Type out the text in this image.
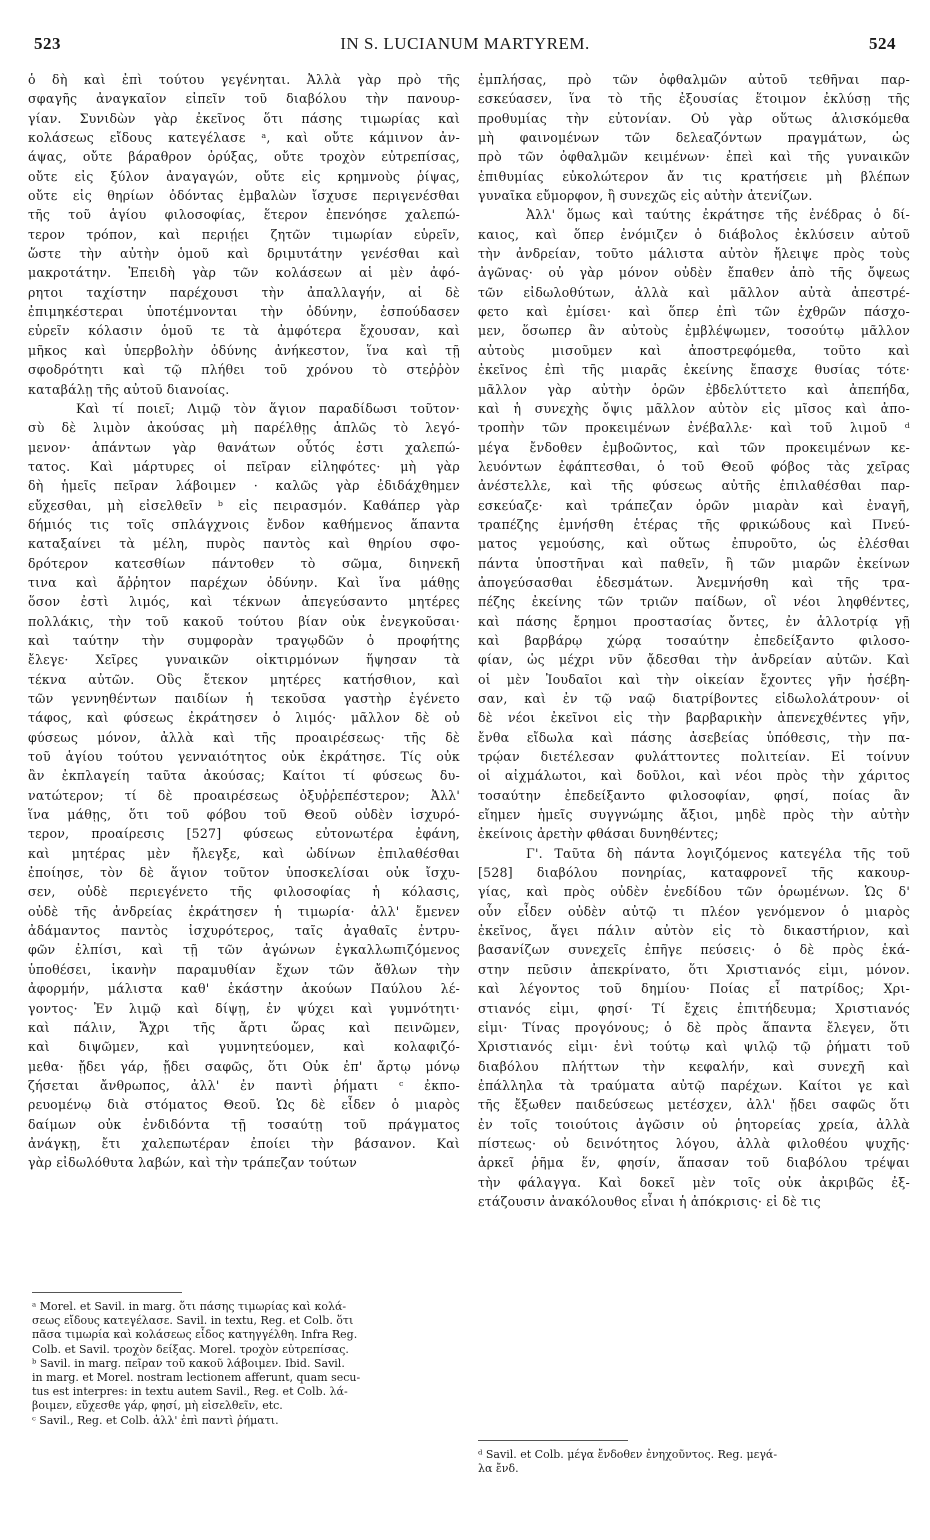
523	IN S. LUCIANUM MARTYREM.	524
ὁ δὴ καὶ ἐπὶ τούτου γεγένηται. Ἀλλὰ γὰρ πρὸ τῆς
σφαγῆς ἀναγκαῖον εἰπεῖν τοῦ διαβόλου τὴν πανουρ-
γίαν. Συνιδὼν γὰρ ἐκεῖνος ὅτι πάσης τιμωρίας καὶ
κολάσεως εἴδους κατεγέλασε ᵃ, καὶ οὔτε κάμινον ἀν-
άψας, οὔτε βάραθρον ὀρύξας, οὔτε τροχὸν εὐτρεπίσας,
οὔτε εἰς ξύλον ἀναγαγών, οὔτε εἰς κρημνοὺς ῥίψας,
οὔτε εἰς θηρίων ὀδόντας ἐμβαλὼν ἴσχυσε περιγενέσθαι
τῆς τοῦ ἁγίου φιλοσοφίας, ἕτερον ἐπενόησε χαλεπώ-
τερον τρόπον, καὶ περιῄει ζητῶν τιμωρίαν εὑρεῖν,
ὥστε τὴν αὐτὴν ὁμοῦ καὶ δριμυτάτην γενέσθαι καὶ
μακροτάτην. Ἐπειδὴ γὰρ τῶν κολάσεων αἱ μὲν ἀφό-
ρητοι ταχίστην παρέχουσι τὴν ἀπαλλαγήν, αἱ δὲ
ἐπιμηκέστεραι ὑποτέμνονται τὴν ὀδύνην, ἐσπούδασεν
εὑρεῖν κόλασιν ὁμοῦ τε τὰ ἀμφότερα ἔχουσαν, καὶ
μῆκος καὶ ὑπερβολὴν ὀδύνης ἀνήκεστον, ἵνα καὶ τῇ
σφοδρότητι καὶ τῷ πλήθει τοῦ χρόνου τὸ στεῤῥὸν
καταβάλῃ τῆς αὐτοῦ διανοίας.
Καὶ τί ποιεῖ; Λιμῷ τὸν ἅγιον παραδίδωσι τοῦτον·
σὺ δὲ λιμὸν ἀκούσας μὴ παρέλθῃς ἁπλῶς τὸ λεγό-
μενον· ἁπάντων γὰρ θανάτων οὗτός ἐστι χαλεπώ-
τατος. Καὶ μάρτυρες οἱ πεῖραν εἰληφότες· μὴ γὰρ
δὴ ἡμεῖς πεῖραν λάβοιμεν · καλῶς γὰρ ἐδιδάχθημεν
εὔχεσθαι, μὴ εἰσελθεῖν ᵇ εἰς πειρασμόν. Καθάπερ γὰρ
δήμιός τις τοῖς σπλάγχνοις ἔνδον καθήμενος ἅπαντα
καταξαίνει τὰ μέλη, πυρὸς παντὸς καὶ θηρίου σφο-
δρότερον κατεσθίων πάντοθεν τὸ σῶμα, διηνεκῆ
τινα καὶ ἄῤῥητον παρέχων ὀδύνην. Καὶ ἵνα μάθῃς
ὅσον ἐστὶ λιμός, καὶ τέκνων ἀπεγεύσαντο μητέρες
πολλάκις, τὴν τοῦ κακοῦ τούτου βίαν οὐκ ἐνεγκοῦσαι·
καὶ ταύτην τὴν συμφορὰν τραγῳδῶν ὁ προφήτης
ἔλεγε· Χεῖρες γυναικῶν οἰκτιρμόνων ἥψησαν τὰ
τέκνα αὐτῶν. Οὓς ἔτεκον μητέρες κατήσθιον, καὶ
τῶν γεννηθέντων παιδίων ἡ τεκοῦσα γαστὴρ ἐγένετο
τάφος, καὶ φύσεως ἐκράτησεν ὁ λιμός· μᾶλλον δὲ οὐ
φύσεως μόνον, ἀλλὰ καὶ τῆς προαιρέσεως· τῆς δὲ
τοῦ ἁγίου τούτου γενναιότητος οὐκ ἐκράτησε. Τίς οὐκ
ἂν ἐκπλαγείη ταῦτα ἀκούσας; Καίτοι τί φύσεως δυ-
νατώτερον; τί δὲ προαιρέσεως ὀξυῤῥεπέστερον; Ἀλλ'
ἵνα μάθῃς, ὅτι τοῦ φόβου τοῦ Θεοῦ οὐδὲν ἰσχυρό-
τερον, προαίρεσις [527] φύσεως εὐτονωτέρα ἐφάνη,
καὶ μητέρας μὲν ἤλεγξε, καὶ ὠδίνων ἐπιλαθέσθαι
ἐποίησε, τὸν δὲ ἅγιον τοῦτον ὑποσκελίσαι οὐκ ἴσχυ-
σεν, οὐδὲ περιεγένετο τῆς φιλοσοφίας ἡ κόλασις,
οὐδὲ τῆς ἀνδρείας ἐκράτησεν ἡ τιμωρία· ἀλλ' ἔμενεν
ἀδάμαντος παντὸς ἰσχυρότερος, ταῖς ἀγαθαῖς ἐντρυ-
φῶν ἐλπίσι, καὶ τῇ τῶν ἀγώνων ἐγκαλλωπιζόμενος
ὑποθέσει, ἱκανὴν παραμυθίαν ἔχων τῶν ἄθλων τὴν
ἀφορμήν, μάλιστα καθ' ἑκάστην ἀκούων Παύλου λέ-
γοντος· Ἐν λιμῷ καὶ δίψῃ, ἐν ψύχει καὶ γυμνότητι·
καὶ πάλιν, Ἄχρι τῆς ἄρτι ὥρας καὶ πεινῶμεν,
καὶ διψῶμεν, καὶ γυμνητεύομεν, καὶ κολαφιζό-
μεθα· ᾔδει γάρ, ᾔδει σαφῶς, ὅτι Οὐκ ἐπ' ἄρτῳ μόνῳ
ζήσεται ἄνθρωπος, ἀλλ' ἐν παντὶ ῥήματι ᶜ ἐκπο-
ρευομένῳ διὰ στόματος Θεοῦ. Ὡς δὲ εἶδεν ὁ μιαρὸς
δαίμων οὐκ ἐνδιδόντα τῇ τοσαύτῃ τοῦ πράγματος
ἀνάγκῃ, ἔτι χαλεπωτέραν ἐποίει τὴν βάσανον. Καὶ
γὰρ εἰδωλόθυτα λαβών, καὶ τὴν τράπεζαν τούτων
ἐμπλήσας, πρὸ τῶν ὀφθαλμῶν αὐτοῦ τεθῆναι παρ-
εσκεύασεν, ἵνα τὸ τῆς ἐξουσίας ἕτοιμον ἐκλύσῃ τῆς
προθυμίας τὴν εὐτονίαν. Οὐ γὰρ οὕτως ἁλισκόμεθα
μὴ φαινομένων τῶν δελεαζόντων πραγμάτων, ὡς
πρὸ τῶν ὀφθαλμῶν κειμένων· ἐπεὶ καὶ τῆς γυναικῶν
ἐπιθυμίας εὐκολώτερον ἄν τις κρατήσειε μὴ βλέπων
γυναῖκα εὔμορφον, ἢ συνεχῶς εἰς αὐτὴν ἀτενίζων.
Ἀλλ' ὅμως καὶ ταύτης ἐκράτησε τῆς ἐνέδρας ὁ δί-
καιος, καὶ ὅπερ ἐνόμιζεν ὁ διάβολος ἐκλύσειν αὐτοῦ
τὴν ἀνδρείαν, τοῦτο μάλιστα αὐτὸν ἤλειψε πρὸς τοὺς
ἀγῶνας· οὐ γὰρ μόνον οὐδὲν ἔπαθεν ἀπὸ τῆς ὄψεως
τῶν εἰδωλοθύτων, ἀλλὰ καὶ μᾶλλον αὐτὰ ἀπεστρέ-
φετο καὶ ἐμίσει· καὶ ὅπερ ἐπὶ τῶν ἐχθρῶν πάσχο-
μεν, ὅσωπερ ἂν αὐτοὺς ἐμβλέψωμεν, τοσούτῳ μᾶλλον
αὐτοὺς μισοῦμεν καὶ ἀποστρεφόμεθα, τοῦτο καὶ
ἐκεῖνος ἐπὶ τῆς μιαρᾶς ἐκείνης ἔπασχε θυσίας τότε·
μᾶλλον γὰρ αὐτὴν ὁρῶν ἐβδελύττετο καὶ ἀπεπήδα,
καὶ ἡ συνεχὴς ὄψις μᾶλλον αὐτὸν εἰς μῖσος καὶ ἀπο-
τροπὴν τῶν προκειμένων ἐνέβαλλε· καὶ τοῦ λιμοῦ ᵈ
μέγα ἔνδοθεν ἐμβοῶντος, καὶ τῶν προκειμένων κε-
λευόντων ἐφάπτεσθαι, ὁ τοῦ Θεοῦ φόβος τὰς χεῖρας
ἀνέστελλε, καὶ τῆς φύσεως αὐτῆς ἐπιλαθέσθαι παρ-
εσκεύαζε· καὶ τράπεζαν ὁρῶν μιαρὰν καὶ ἐναγῆ,
τραπέζης ἐμνήσθη ἑτέρας τῆς φρικώδους καὶ Πνεύ-
ματος γεμούσης, καὶ οὕτως ἐπυροῦτο, ὡς ἐλέσθαι
πάντα ὑποστῆναι καὶ παθεῖν, ἢ τῶν μιαρῶν ἐκείνων
ἀπογεύσασθαι ἐδεσμάτων. Ἀνεμνήσθη καὶ τῆς τρα-
πέζης ἐκείνης τῶν τριῶν παίδων, οἳ νέοι ληφθέντες,
καὶ πάσης ἔρημοι προστασίας ὄντες, ἐν ἀλλοτρίᾳ γῇ
καὶ βαρβάρῳ χώρᾳ τοσαύτην ἐπεδείξαντο φιλοσο-
φίαν, ὡς μέχρι νῦν ᾄδεσθαι τὴν ἀνδρείαν αὐτῶν. Καὶ
οἱ μὲν Ἰουδαῖοι καὶ τὴν οἰκείαν ἔχοντες γῆν ἠσέβη-
σαν, καὶ ἐν τῷ ναῷ διατρίβοντες εἰδωλολάτρουν· οἱ
δὲ νέοι ἐκεῖνοι εἰς τὴν βαρβαρικὴν ἀπενεχθέντες γῆν,
ἔνθα εἴδωλα καὶ πάσης ἀσεβείας ὑπόθεσις, τὴν πα-
τρῴαν διετέλεσαν φυλάττοντες πολιτείαν. Εἰ τοίνυν
οἱ αἰχμάλωτοι, καὶ δοῦλοι, καὶ νέοι πρὸς τὴν χάριτος
τοσαύτην ἐπεδείξαντο φιλοσοφίαν, φησί, ποίας ἂν
εἴημεν ἡμεῖς συγγνώμης ἄξιοι, μηδὲ πρὸς τὴν αὐτὴν
ἐκείνοις ἀρετὴν φθάσαι δυνηθέντες;
Γ'. Ταῦτα δὴ πάντα λογιζόμενος κατεγέλα τῆς τοῦ
[528] διαβόλου πονηρίας, καταφρονεῖ τῆς κακουρ-
γίας, καὶ πρὸς οὐδὲν ἐνεδίδου τῶν ὁρωμένων. Ὡς δ'
οὖν εἶδεν οὐδὲν αὐτῷ τι πλέον γενόμενον ὁ μιαρὸς
ἐκεῖνος, ἄγει πάλιν αὐτὸν εἰς τὸ δικαστήριον, καὶ
βασανίζων συνεχεῖς ἐπῆγε πεύσεις· ὁ δὲ πρὸς ἑκά-
στην πεῦσιν ἀπεκρίνατο, ὅτι Χριστιανός εἰμι, μόνον.
καὶ λέγοντος τοῦ δημίου· Ποίας εἶ πατρίδος; Χρι-
στιανός εἰμι, φησί· Τί ἔχεις ἐπιτήδευμα; Χριστιανός
εἰμι· Τίνας προγόνους; ὁ δὲ πρὸς ἅπαντα ἔλεγεν, ὅτι
Χριστιανός εἰμι· ἑνὶ τούτῳ καὶ ψιλῷ τῷ ῥήματι τοῦ
διαβόλου πλήττων τὴν κεφαλήν, καὶ συνεχῆ καὶ
ἐπάλληλα τὰ τραύματα αὐτῷ παρέχων. Καίτοι γε καὶ
τῆς ἔξωθεν παιδεύσεως μετέσχεν, ἀλλ' ᾔδει σαφῶς ὅτι
ἐν τοῖς τοιούτοις ἀγῶσιν οὐ ῥητορείας χρεία, ἀλλὰ
πίστεως· οὐ δεινότητος λόγου, ἀλλὰ φιλοθέου ψυχῆς·
ἀρκεῖ ῥῆμα ἕν, φησίν, ἅπασαν τοῦ διαβόλου τρέψαι
τὴν φάλαγγα. Καὶ δοκεῖ μὲν τοῖς οὐκ ἀκριβῶς ἐξ-
ετάζουσιν ἀνακόλουθος εἶναι ἡ ἀπόκρισις· εἰ δὲ τις
ᵃ Morel. et Savil. in marg. ὅτι πάσης τιμωρίας καὶ κολά-
σεως εἴδους κατεγέλασε. Savil. in textu, Reg. et Colb. ὅτι
πᾶσα τιμωρία καὶ κολάσεως εἶδος κατηγγέλθη. Infra Reg.
Colb. et Savil. τροχὸν δείξας. Morel. τροχὸν εὐτρεπίσας.
ᵇ Savil. in marg. πεῖραν τοῦ κακοῦ λάβοιμεν. Ibid. Savil.
in marg. et Morel. nostram lectionem afferunt, quam secu-
tus est interpres: in textu autem Savil., Reg. et Colb. λά-
βοιμεν, εὔχεσθε γάρ, φησί, μὴ εἰσελθεῖν, etc.
ᶜ Savil., Reg. et Colb. ἀλλ' ἐπὶ παντὶ ῥήματι.
ᵈ Savil. et Colb. μέγα ἔνδοθεν ἐνηχοῦντος. Reg. μεγά-
λα ἔνδ.
